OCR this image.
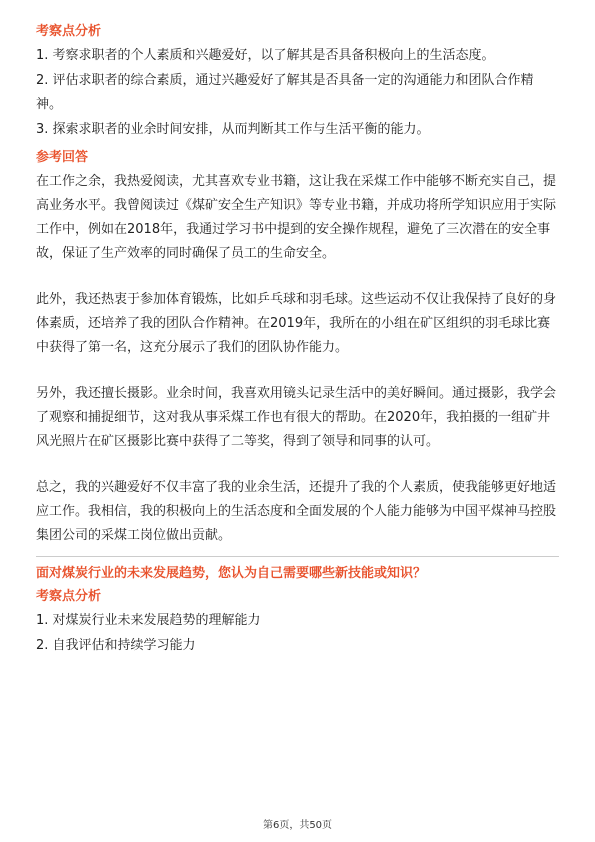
考察点分析
1. 考察求职者的个人素质和兴趣爱好，以了解其是否具备积极向上的生活态度。
2. 评估求职者的综合素质，通过兴趣爱好了解其是否具备一定的沟通能力和团队合作精神。
3. 探索求职者的业余时间安排，从而判断其工作与生活平衡的能力。
参考回答

在工作之余，我热爱阅读，尤其喜欢专业书籍，这让我在采煤工作中能够不断充实自己，提高业务水平。我曾阅读过《煤矿安全生产知识》等专业书籍，并成功将所学知识应用于实际工作中，例如在2018年，我通过学习书中提到的安全操作规程，避免了三次潜在的安全事故，保证了生产效率的同时确保了员工的生命安全。

此外，我还热衷于参加体育锻炼，比如乒乓球和羽毛球。这些运动不仅让我保持了良好的身体素质，还培养了我的团队合作精神。在2019年，我所在的小组在矿区组织的羽毛球比赛中获得了第一名，这充分展示了我们的团队协作能力。

另外，我还擅长摄影。业余时间，我喜欢用镜头记录生活中的美好瞬间。通过摄影，我学会了观察和捕捉细节，这对我从事采煤工作也有很大的帮助。在2020年，我拍摄的一组矿井风光照片在矿区摄影比赛中获得了二等奖，得到了领导和同事的认可。

总之，我的兴趣爱好不仅丰富了我的业余生活，还提升了我的个人素质，使我能够更好地适应工作。我相信，我的积极向上的生活态度和全面发展的个人能力能够为中国平煤神马控股集团公司的采煤工岗位做出贡献。

面对煤炭行业的未来发展趋势，您认为自己需要哪些新技能或知识？
考察点分析
1. 对煤炭行业未来发展趋势的理解能力
2. 自我评估和持续学习能力
第6页，共50页
